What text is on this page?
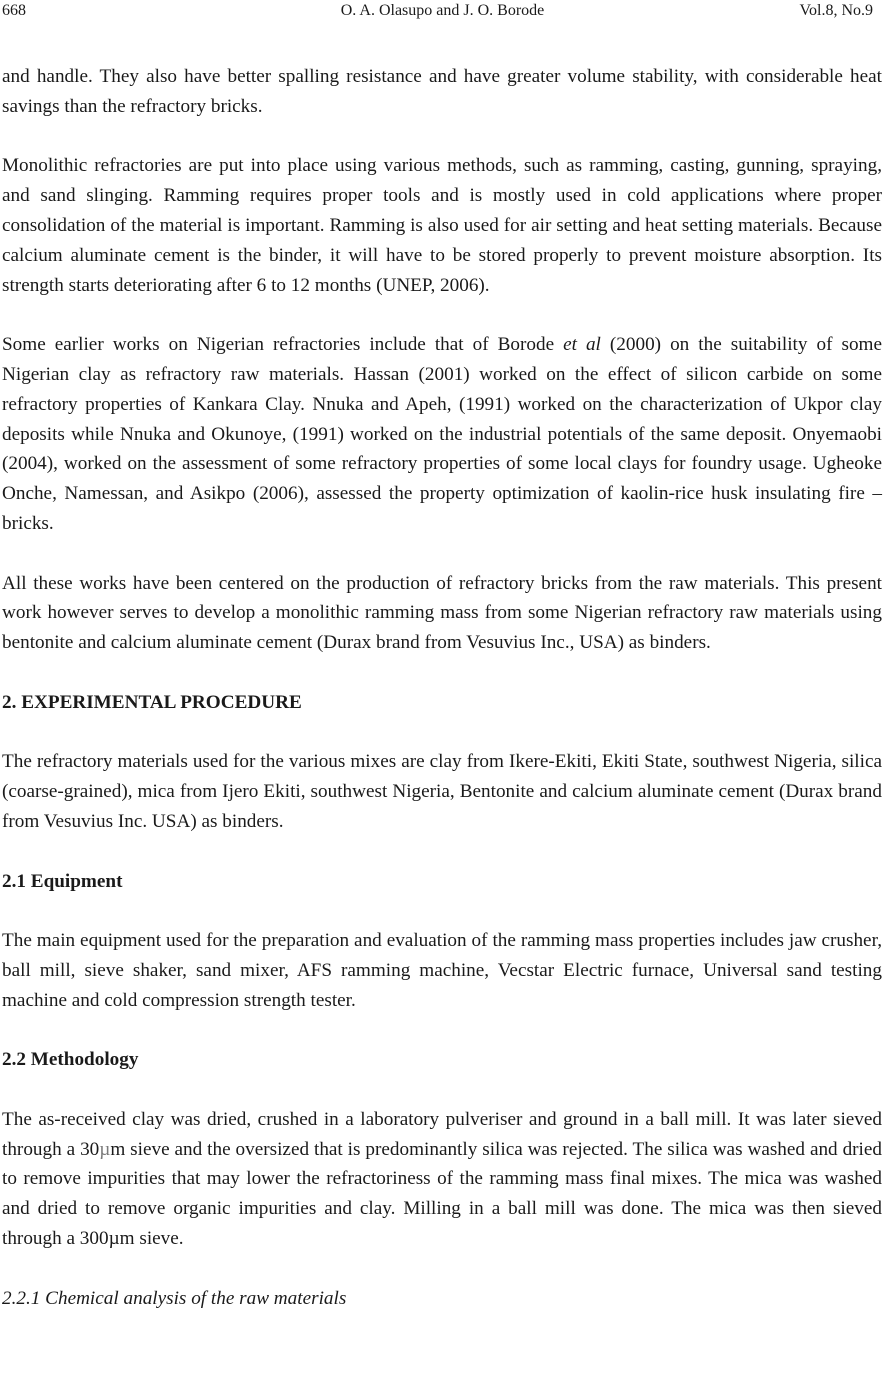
668	O. A. Olasupo and J. O. Borode	Vol.8, No.9

and handle. They also have better spalling resistance and have greater volume stability, with considerable heat savings than the refractory bricks.

Monolithic refractories are put into place using various methods, such as ramming, casting, gunning, spraying, and sand slinging. Ramming requires proper tools and is mostly used in cold applications where proper consolidation of the material is important. Ramming is also used for air setting and heat setting materials. Because calcium aluminate cement is the binder, it will have to be stored properly to prevent moisture absorption. Its strength starts deteriorating after 6 to 12 months (UNEP, 2006).

Some earlier works on Nigerian refractories include that of Borode et al (2000) on the suitability of some Nigerian clay as refractory raw materials. Hassan (2001) worked on the effect of silicon carbide on some refractory properties of Kankara Clay. Nnuka and Apeh, (1991) worked on the characterization of Ukpor clay deposits while Nnuka and Okunoye, (1991) worked on the industrial potentials of the same deposit. Onyemaobi (2004), worked on the assessment of some refractory properties of some local clays for foundry usage. Ugheoke Onche, Namessan, and Asikpo (2006), assessed the property optimization of kaolin-rice husk insulating fire – bricks.

All these works have been centered on the production of refractory bricks from the raw materials. This present work however serves to develop a monolithic ramming mass from some Nigerian refractory raw materials using bentonite and calcium aluminate cement (Durax brand from Vesuvius Inc., USA) as binders.

2. EXPERIMENTAL PROCEDURE

The refractory materials used for the various mixes are clay from Ikere-Ekiti, Ekiti State, southwest Nigeria, silica (coarse-grained), mica from Ijero Ekiti, southwest Nigeria, Bentonite and calcium aluminate cement (Durax brand from Vesuvius Inc. USA) as binders.

2.1 Equipment

The main equipment used for the preparation and evaluation of the ramming mass properties includes jaw crusher, ball mill, sieve shaker, sand mixer, AFS ramming machine, Vecstar Electric furnace, Universal sand testing machine and cold compression strength tester.

2.2 Methodology

The as-received clay was dried, crushed in a laboratory pulveriser and ground in a ball mill. It was later sieved through a 30µm sieve and the oversized that is predominantly silica was rejected. The silica was washed and dried to remove impurities that may lower the refractoriness of the ramming mass final mixes. The mica was washed and dried to remove organic impurities and clay. Milling in a ball mill was done. The mica was then sieved through a 300µm sieve.

2.2.1 Chemical analysis of the raw materials
